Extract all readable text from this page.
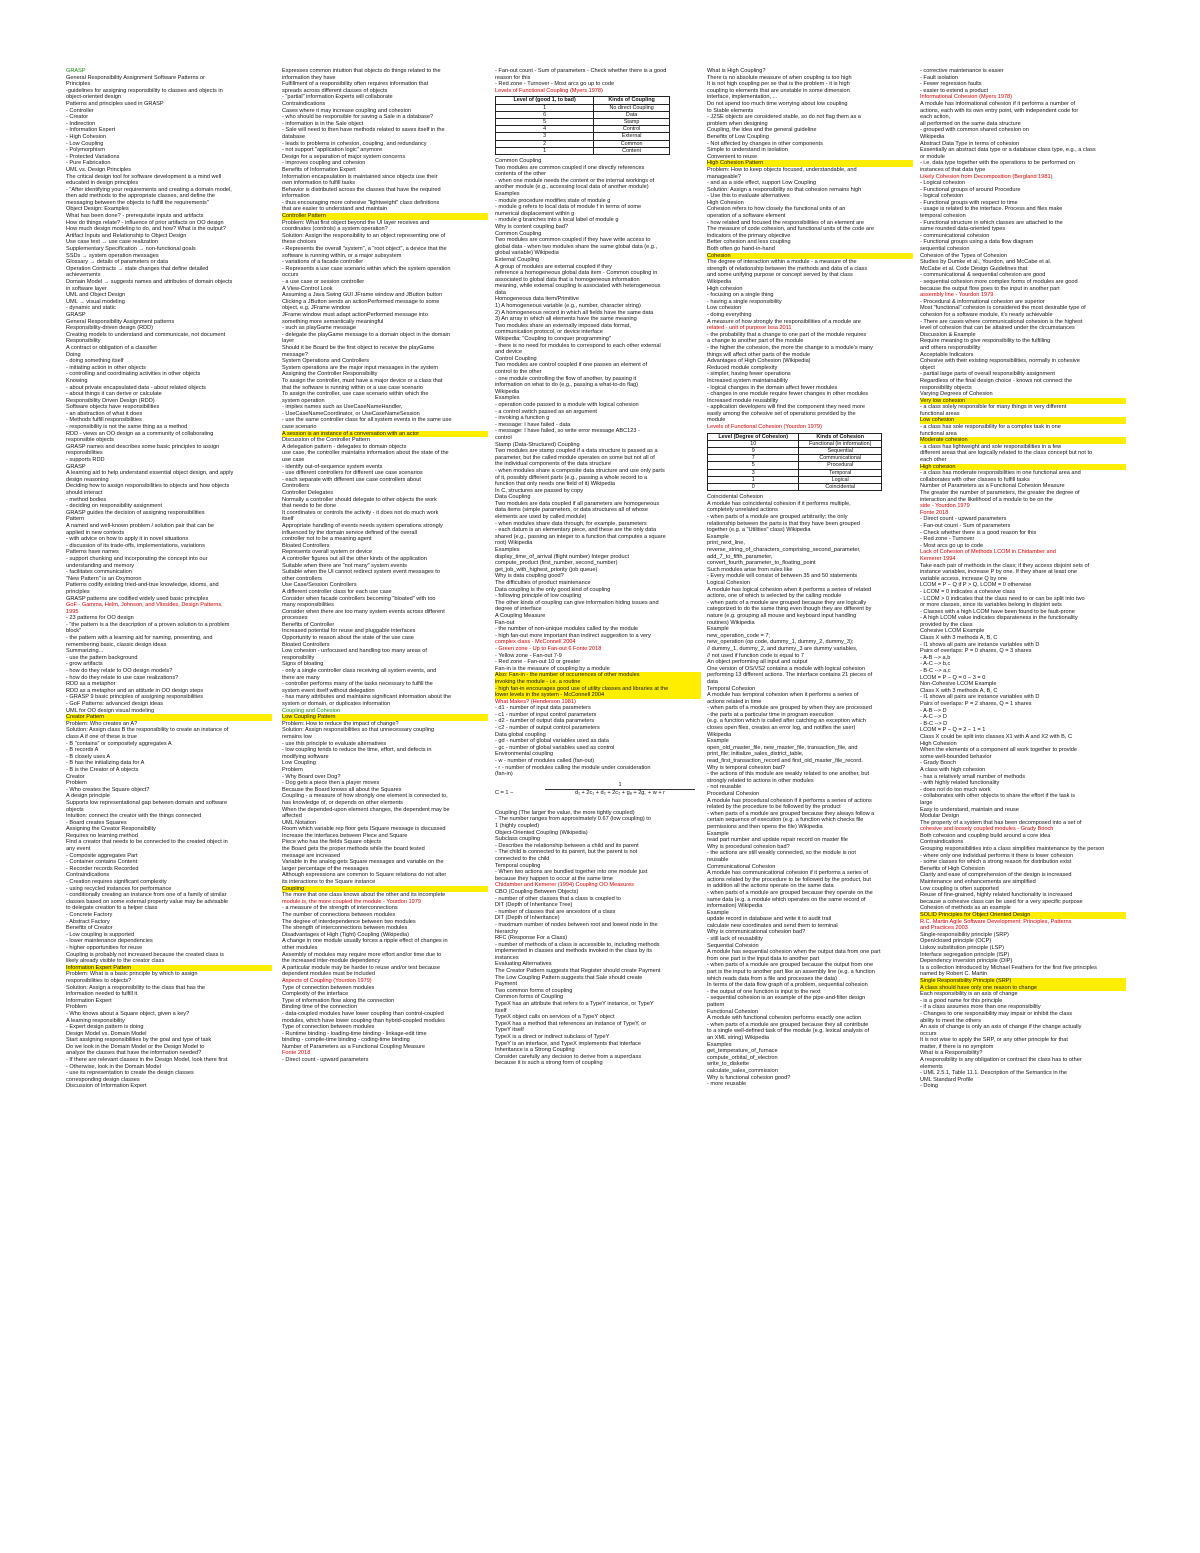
GRASP
General Responsibility Assignment Software Patterns or
Principles
-guidelines for assigning responsibility to classes and objects in
object-oriented design
Patterns and principles used in GRASP
- Controller
- Creator
- Indirection
- Information Expert
- High Cohesion
- Low Coupling
- Polymorphism
- Protected Variations
- Pure Fabrication
UML vs. Design Principles
The critical design tool for software development is a mind well
educated in design principles
- "After identifying your requirements and creating a domain model,
then add methods to the appropriate classes, and define the
messaging between the objects to fulfill the requirements"
Object Design: Examples
What has been done? - prerequisite inputs and artifacts
How do things relate? - influence of prior artifacts on OO design
How much design modeling to do, and how? What is the output?
Artifact Inputs and Relationship to Object Design
Use case text → use case realization
Supplementary Specification → non-functional goals
SSDs → system operation messages
Glossary → details of parameters or data
Operation Contracts → state changes that define detailed
achievements
Domain Model → suggests names and attributes of domain objects
in software layer
UML and Object Design
UML → visual modeling
- dynamic and static
GRASP
General Responsibility Assignment patterns
Responsibility-driven design (RDD)
Creating models to understand and communicate, not document
Responsibility
A contract or obligation of a classifier
Doing
- doing something itself
- initiating action in other objects
- controlling and coordinating activities in other objects
Knowing
- about private encapsulated data - about related objects
- about things it can derive or calculate
Responsibility Driven Design (RDD)
Software objects have responsibilities
- an abstraction of what it does
- Methods fulfill responsibilities
- responsibility is not the same thing as a method
RDD - views an OO design as a community of collaborating
responsible objects
GRASP names and describes some basic principles to assign
responsibilities
- supports RDD
GRASP
A learning aid to help understand essential object design, and apply
design reasoning
Deciding how to assign responsibilities to objects and how objects
should interact
- method bodies
- deciding on responsibility assignment
GRASP guides the decision of assigning responsibilities
Pattern
A named and well-known problem / solution pair that can be
applied in new contexts
- with advice on how to apply it in novel situations
- discussion of its trade-offs, implementations, variations
Patterns have names
- support chunking and incorporating the concept into our
understanding and memory
- facilitates communication
"New Pattern" is an Oxymoron
Patterns codify existing tried-and-true knowledge, idioms, and
principles
GRASP patterns are codified widely used basic principles
GoF - Gamma, Helm, Johnson, and Vlissides, Design Patterns,
1995
- 23 patterns for OO design
- "the pattern is a the description of a proven solution to a problem
block"
- the pattern with a learning aid for naming, presenting, and
remembering basic, classic design ideas
Summarizing...
- use the pattern background
- grow artifacts
- how do they relate to OO design models?
- how do they relate to use case realizations?
RDD as a metaphor
RDD as a metaphor and an attitude in OO design steps
- GRASP 9 basic principles of assigning responsibilities
- GoF Patterns: advanced design ideas
UML for OO design visual modeling
Creator Pattern
Problem: Who creates an A?
Solution: Assign class B the responsibility to create an instance of
class A if one of these is true
- B "contains" or compositely aggregates A
- B records A
- B closely uses A
- B has the initializing data for A
- B is the Creator of A objects
Creator
Problem
- Who creates the Square object?
A design principle
Supports low representational gap between domain and software
objects
Intuition: connect the creator with the things connected
- Board creates Squares
Assigning the Creator Responsibility
Requires no learning method
Find a creator that needs to be connected to the created object in
any event
- Composite aggregates Part
- Container contains Content
- Recorder records Recorded
Contraindications
- Creation requires significant complexity
- using recycled instances for performance
- conditionally creating an instance from one of a family of similar
classes based on some external property value may be advisable
to delegate creation to a helper class
- Concrete Factory
- Abstract Factory
Benefits of Creator
- Low coupling is supported
- lower maintenance dependencies
- higher opportunities for reuse
Coupling is probably not increased because the created class is
likely already visible to the creator class
Information Expert Pattern
Problem: What is a basic principle by which to assign
responsibilities to objects?
Solution: Assign a responsibility to the class that has the
information needed to fulfill it
Information Expert
Problem
- Who knows about a Square object, given a key?
A learning responsibility
- Expert design pattern is doing
Design Model vs. Domain Model
Start assigning responsibilities by the goal and type of task
Do we look in the Domain Model or the Design Model to
analyze the classes that have the information needed?
- If there are relevant classes in the Design Model, look there first
- Otherwise, look in the Domain Model
- use its representation to create the design classes
corresponding design classes
Discussion of Information Expert
Expresses common intuition that objects do things related to the
information they have
Fulfillment of a responsibility often requires information that
spreads across different classes of objects
- "partial" information Experts will collaborate
Contraindications
Cases where it may increase coupling and cohesion
- who should be responsible for saving a Sale in a database?
- information is in the Sale object
- Sale will need to then have methods related to saves itself in the
database
- leads to problems in cohesion, coupling, and redundancy
- not support "application logic" anymore
Design for a separation of major system concerns
- improves coupling and cohesion
Benefits of Information Expert
Information encapsulation is maintained since objects use their
own information to fulfill tasks
Behavior is distributed across the classes that have the required
information
- thus encouraging more cohesive "lightweight" class definitions
that are easier to understand and maintain
Controller Pattern
Problem: What first object beyond the UI layer receives and
coordinates (controls) a system operation?
Solution: Assign the responsibility to an object representing one of
these choices
- Represents the overall "system", a "root object", a device that the
software is running within, or a major subsystem
- variations of a facade controller
- Represents a use case scenario within which the system operation
occurs
- a use case or session controller
A View-Control Look
Assuming a Java Swing GUI JFrame window and JButton button
Clicking a JButton sends an actionPerformed message to some
object, e.g. JFrame window
JFrame window must adapt actionPerformed message into
something more semantically meaningful
- such as playGame message
- delegate the playGame message to a domain object in the domain
layer
Should it be Board be the first object to receive the playGame
message?
System Operations and Controllers
System operations are the major input messages in the system
Assigning the Controller Responsibility
To assign the controller, must have a major device or a class that
that the software is running within or a use case scenario
To assign the controller, use case scenario within which the
system operation
- implies names such as UseCaseNameHandler,
- UseCaseNameCoordinator, or UseCaseNameSession
- use the same controller class for all system events in the same use
case scenario
A session is an instance of a conversation with an actor
Discussion of the Controller Pattern
A delegation pattern - delegates to domain objects
use case, the controller maintains information about the state of the
use case
- identify out-of-sequence system events
- use different controllers for different use case scenarios
- each separate with different use case controllers about
Controllers
Controller Delegates
Normally a controller should delegate to other objects the work
that needs to be done
It coordinates or controls the activity - it does not do much work
itself
Appropriate handling of events needs system operations strongly
influenced by the domain service defined of the overall
controller not to be a meaning agent
Bloated Controllers
Represents overall system or device
A controller figures out all the other kinds of the application
Suitable when there are "not many" system events
Suitable when the UI cannot redirect system event messages to
other controllers
Use Case/Session Controllers
A different controller class for each use case
Consider when facade controllers becoming "bloated" with too
many responsibilities
Consider when there are too many system events across different
processes
Benefits of Controller
Increased potential for reuse and pluggable interfaces
Opportunity to reason about the state of the use case
Bloated Controllers
Low cohesion - unfocused and handling too many areas of
responsibility
Signs of bloating
- only a single controller class receiving all system events, and
there are many
- controller performs many of the tasks necessary to fulfill the
system event itself without delegation
- has many attributes and maintains significant information about the
system or domain, or duplicates information
Coupling and Cohesion
Low Coupling Pattern
Problem: How to reduce the impact of change?
Solution: Assign responsibilities so that unnecessary coupling
remains low
- use this principle to evaluate alternatives
- low coupling tends to reduce the time, effort, and defects in
modifying software
Low Coupling
Problem
- Why Board over Dog?
- Dog gets a piece then a player moves
Because the Board knows all about the Squares
Coupling - a measure of how strongly one element is connected to,
has knowledge of, or depends on other elements
When the depended-upon element changes, the dependent may be
affected
UML Notation
Room which variable rep floor gets ISquare message is discussed
Increase the interfaces between Piece and Square
Piece who has the fields Square objects
the Board gets the proper methods while the board tested
message are increased
Variable in the analog gets Square messages and variable on the
larger percentage of the messages
Although expressions are common to Square relations do not alter
its interactions to the Square instance
Coupling
The more that one class knows about the other and its incomplete
module is, the more coupled the module - Yourdon 1979
- a measure of the strength of interconnections
The number of connections between modules
The degree of interdependence between two modules
The strength of interconnections between modules
Disadvantages of High (Tight) Coupling (Wikipedia)
A change in one module usually forces a ripple effect of changes in
other modules
Assembly of modules may require more effort and/or time due to
the increased inter-module dependency
A particular module may be harder to reuse and/or test because
dependent modules must be included
Aspects of Coupling (Yourdon 1979)
Type of connection between modules
Complexity of the interface
Type of information flow along the connection
Binding time of the connection
- data-coupled modules have lower coupling than control-coupled
modules, which have lower coupling than hybrid-coupled modules
Type of connection between modules
- Runtime binding - loading-time binding - linkage-edit time
binding - compile-time binding - coding-time binding
Number of Parameters as a Functional Coupling Measure
Fonte 2018
- Direct count - upward parameters
- Fan-out count - Sum of parameters - Check whether there is a good
reason for this
- Red zone - Turnover - Most arcs go up to code
Levels of Functional Coupling (Myers 1978)
Level of (good 1, to bad)	Kinds of Coupling
1	No direct Coupling
6	Data
5	Stamp
4	Control
3	External
2	Common
1	Content
Common Coupling
Two modules are common coupled if one directly references
contents of the other
- when one module needs the content or the internal workings of
another module (e.g., accessing local data of another module)
Examples
- module procedure modifies state of module g
- module g refers to local data of module f in terms of some
numerical displacement within g
- module g branches into a local label of module g
Why is content coupling bad?
Common Coupling
Two modules are common coupled if they have write access to
global data - when two modules share the same global data (e.g.,
global variable) Wikipedia
External Coupling
A group of modules are external coupled if they
reference a homogeneous global data item - Common coupling in
associated to global data that is homogeneous information
meaning, while external coupling is associated with heterogeneous
data
Homogeneous data item/Primitive
1) A homogeneous variable (e.g., number, character string)
2) A homogeneous record in which all fields have the same data
3) An array in which all elements have the same meaning
Two modules share an externally imposed data format,
communication protocol, or device interface
Wikipedia: "Coupling to conquer programming"
- there is no need for modules to correspond to each other external
and device
Control Coupling
Two modules are control coupled if one passes an element of
control to the other
- one module controlling the flow of another, by passing it
information on what to do (e.g., passing a what-to-do flag)
Wikipedia
Examples
- operation code passed to a module with logical cohesion
- a control switch passed as an argument
- invoking a function g
- message: I have failed - data
- message: I have failed, so write error message ABC123 -
control
Stamp (Data-Structured) Coupling
Two modules are stamp coupled if a data structure is passed as a
parameter, but the called module operates on some but not all of
the individual components of the data structure
- when modules share a composite data structure and use only parts
of it, possibly different parts (e.g., passing a whole record to a
function that only needs one field of it) Wikipedia
In C, structures are passed by copy
Data Coupling
Two modules are data coupled if all parameters are homogeneous
data items (simple parameters, or data structures all of whose
elements are used by called module)
- when modules share data through, for example, parameters
- each datum is an elementary piece, and these are the only data
shared (e.g., passing an integer to a function that computes a square
root) Wikipedia
Examples
display_time_of_arrival (flight number) Integer product
compute_product (first_number, second_number)
get_job_with_highest_priority (job queue)
Why is data coupling good?
The difficulties of product maintenance
Data coupling is the only good kind of coupling
- following principle of low coupling
The other kinds of coupling can give information hiding issues and
degree of interface
A Coupling Measure
Fan-out
- the number of non-unique modules called by the module
- high fan-out more important than indirect suggestion to a very
complex class - McConnell 2004
- Green zone - Up to Fan-out 6 Fonte 2018
- Yellow zone - Fan-out 7-9
- Red zone - Fan-out 10 or greater
Fan-in is the measure of coupling by a module
Also: Fan-in - the number of occurrences of other modules
invoking the module - i.e. a routine
- high fan-in encourages good use of utility classes and libraries at the
lower levels in the system - McConnell 2004
What Makes? (Henderson 1981)
- d1 - number of input data parameters
- c1 - number of input control parameters
- d2 - number of output data parameters
- c2 - number of output control parameters
Data global coupling
- gd - number of global variables used as data
- gc - number of global variables used as control
Environmental coupling
- w - number of modules called (fan-out)
- r - number of modules calling the module under consideration
(fan-in)
C = 1 −	$\frac{1}{\text{d₁ + 2c₁ + d₂ + 2c₂ + gₐ + 2g꜀ + w + r}}$
Coupling (The larger the value, the more tightly coupled)
- The number ranges from approximately 0.67 (low coupling) to
1 (highly coupled)
Object-Oriented Coupling (Wikipedia)
Subclass coupling
- Describes the relationship between a child and its parent
- The child is connected to its parent, but the parent is not
connected to the child
Temporal coupling
- When two actions are bundled together into one module just
because they happen to occur at the same time
Chidamber and Kemerer (1994) Coupling OO Measures
CBO (Coupling Between Objects)
- number of other classes that a class is coupled to
DIT (Depth of Inheritance Tree)
- number of classes that are ancestors of a class
DIT (Depth of Inheritance)
- maximum number of nodes between root and lowest node in the
hierarchy
RFC (Response For a Class)
- number of methods of a class is accessible to, including methods
implemented in classes and methods invoked in the class by its
instances
Evaluating Alternatives
The Creator Pattern suggests that Register should create Payment
The Low Coupling Pattern suggests that Sale should create
Payment
Two common forms of coupling
Common forms of Coupling
TypeX has an attribute that refers to a TypeY instance, or TypeY
itself
TypeX object calls on services of a TypeY object
TypeX has a method that references an instance of TypeY, or
TypeY itself
TypeX is a direct or indirect subclass of TypeY
TypeY is an interface, and TypeX implements that interface
Inheritance is a Strong Coupling
Consider carefully any decision to derive from a superclass
because it is such a strong form of coupling
What is High Coupling?
There is no absolute measure of when coupling is too high
It is not high coupling per se that is the problem - it is high
coupling to elements that are unstable in some dimension
interface, implementation, ...
Do not spend too much time worrying about low coupling
to Stable elements
- J2SE objects are considered stable, so do not flag them as a
problem when designing
Coupling, the idea and the general guideline
Benefits of Low Coupling
- Not affected by changes in other components
Simple to understand in isolation
Convenient to reuse
High Cohesion Pattern
Problem: How to keep objects focused, understandable, and
manageable?
- and as a side effect, support Low Coupling
Solution: Assign a responsibility so that cohesion remains high
- Use this to evaluate alternatives
High Cohesion
Cohesion refers to how closely the functional units of an
operation of a software element
- how related and focused the responsibilities of an element are
The measure of code cohesion, and functional units of the code are
indicators of the primary objective
Better cohesion and less coupling
Both often go hand-in-hand
Cohesion
The degree of interaction within a module - a measure of the
strength of relationship between the methods and data of a class
and some unifying purpose or concept served by that class
Wikipedia
High cohesion
- focusing on a single thing
- having a single responsibility
Low cohesion
- doing everything
A measure of how strongly the responsibilities of a module are
related - unit of purpose Issa 2011
- the probability that a change to one part of the module requires
a change to another part of the module
- the higher the cohesion, the more the change to a module's many
things will affect other parts of the module
Advantages of High Cohesion (Wikipedia)
Reduced module complexity
- simpler, having fewer operations
Increased system maintainability
- logical changes in the domain affect fewer modules
- changes in one module require fewer changes in other modules
Increased module reusability
- application developers will find the component they need more
easily among the cohesive set of operations provided by the
module
Levels of Functional Cohesion (Yourdon 1979)
Level (Degree of Cohesion)	Kinds of Cohesion
10	Functional (in information)
9	Sequential
7	Communicational
5	Procedural
3	Temporal
1	Logical
0	Coincidental
Coincidental Cohesion
A module has coincidental cohesion if it performs multiple,
completely unrelated actions
- when parts of a module are grouped arbitrarily; the only
relationship between the parts is that they have been grouped
together (e.g. a "Utilities" class) Wikipedia
Example
print_next_line,
reverse_string_of_characters_comprising_second_parameter,
add_7_to_fifth_parameter,
convert_fourth_parameter_to_floating_point
Such modules arise from rules like
- Every module will consist of between 35 and 50 statements
Logical Cohesion
A module has logical cohesion when it performs a series of related
actions, one of which is selected by the calling module
- when parts of a module are grouped because they are logically
categorized to do the same thing even though they are different by
nature (e.g. grouping all mouse and keyboard input handling
routines) Wikipedia
Example
new_operation_code = 7;
new_operation (op code, dummy_1, dummy_2, dummy_3);
// dummy_1, dummy_2, and dummy_3 are dummy variables,
// not used if function code is equal to 7
An object performing all input and output
One version of OS/VS2 contains a module with logical cohesion
performing 13 different actions. The interface contains 21 pieces of
data
Temporal Cohesion
A module has temporal cohesion when it performs a series of
actions related in time
- when parts of a module are grouped by when they are processed
- the parts at a particular time in program execution
(e.g. a function which is called after catching an exception which
closes open files, creates an error log, and notifies the user)
Wikipedia
Example
open_old_master_file, new_master_file, transaction_file, and
print_file; initialize_sales_district_table,
read_first_transaction_record and first_old_master_file_record.
Why is temporal cohesion bad?
- the actions of this module are weakly related to one another, but
strongly related to actions in other modules
- not reusable
Procedural Cohesion
A module has procedural cohesion if it performs a series of actions
related by the procedure to be followed by the product
- when parts of a module are grouped because they always follow a
certain sequence of execution (e.g. a function which checks file
permissions and then opens the file) Wikipedia
Example
read part number and update repair record on master file
Why is procedural cohesion bad?
- the actions are still weakly connected, so the module is not
reusable
Communicational Cohesion
A module has communicational cohesion if it performs a series of
actions related by the procedure to be followed by the product, but
in addition all the actions operate on the same data
- when parts of a module are grouped because they operate on the
same data (e.g. a module which operates on the same record of
information) Wikipedia
Example
update record in database and write it to audit trail
calculate new coordinates and send them to terminal
Why is communicational cohesion bad?
- still lack of reusability
Sequential Cohesion
A module has sequential cohesion when the output data from one part
from one part is the input data to another part
- when parts of a module are grouped because the output from one
part is the input to another part like an assembly line (e.g. a function
which reads data from a file and processes the data)
In terms of the data flow graph of a problem, sequential cohesion
- the output of one function is input to the next
- sequential cohesion is an example of the pipe-and-filter design
pattern
Functional Cohesion
A module with functional cohesion performs exactly one action
- when parts of a module are grouped because they all contribute
to a single well-defined task of the module (e.g. lexical analysis of
an XML string) Wikipedia
Examples
get_temperature_of_furnace
compute_orbital_of_electron
write_to_diskette
calculate_sales_commission
Why is functional cohesion good?
- more reusable
- corrective maintenance is easier
- Fault isolation
- Fewer regression faults
- easier to extend a product
Informational Cohesion (Myers 1978)
A module has informational cohesion if it performs a number of
actions, each with its own entry point, with independent code for
each action,
all performed on the same data structure
- grouped with common shared cohesion on
Wikipedia
Abstract Data Type in terms of cohesion
Essentially an abstract data type or a database class type, e.g., a class
or module
- i.e. data type together with the operations to be performed on
instances of that data type
Likely Cohesion from Decomposition (Bergland 1981)
- Logical cohesion
- Functional groups of around Procedure
- logical cohesion
- Functional groups with respect to time
- usage is related to the interface. Process and files make
temporal cohesion
- Functional structure in which classes are attached to the
same rounded data-oriented types
- communicational cohesion
- Functional groups using a data flow diagram
sequential cohesion
Cohesion of the Types of Cohesion
Studies by Dumke et al., Yourdon, and McCabe et al.
McCabe et al. Code Design Guidelines that
- communicational & sequential cohesion are good
- sequential cohesion more complex forms of modules are good
because the output flow goes to the input in another part
assembly line - Yourdon 1979
- Procedural & informational cohesion are superior
Most "functional" cohesion is considered the most desirable type of
cohesion for a software module, it's nearly achievable
- There are cases where communicational cohesion is the highest
level of cohesion that can be attained under the circumstances
Discussion & Example
Require meaning to give responsibility to the fulfilling
and others responsibility
Acceptable Indicators
Cohesive with their existing responsibilities, normally in cohesive
object
- partial large parts of overall responsibility assignment
Regardless of the final design choice - knows not connect the
responsibility objects
Varying Degrees of Cohesion
Very low cohesion
- a class solely responsible for many things in very different
functional areas
Low cohesion
- a class has sole responsibility for a complex task in one
functional area
Moderate cohesion
- a class has lightweight and sole responsibilities in a few
different areas that are logically related to the class concept but not to
each other
High cohesion
- a class has moderate responsibilities in one functional area and
collaborates with other classes to fulfill tasks
Number of Parameters as a Functional Cohesion Measure
The greater the number of parameters, the greater the degree of
interaction and the likelihood of a module to be on the
side - Yourdon 1979
Fonte 2018
- Direct count - upward parameters
- Fan-out count - Sum of parameters
- Check whether there is a good reason for this
- Red zone - Turnover
- Most arcs go up to code
Lack of Cohesion of Methods LCOM in Chidamber and
Kemerer 1994
Take each pair of methods in the class; if they access disjoint sets of
instance variables, increase P by one. If they share at least one
variable access, increase Q by one
LCOM = P − Q if P > Q, LCOM = 0 otherwise
- LCOM = 0 indicates a cohesive class
- LCOM > 0 indicates that the class need to or can be split into two
or more classes, since its variables belong in disjoint sets
- Classes with a high LCOM have been found to be fault-prone
- A high LCOM value indicates disparateness in the functionality
provided by the class
Cohesive LCOM Example
Class X with 3 methods A, B, C
- I1 shows all pairs are instance variables with D
Pairs of overlaps: P = 0 shares, Q = 3 shares
- A-B --> a,b
- A-C --> b,c
- B-C --> a,c
LCOM = P − Q = 0 − 3 = 0
Non-Cohesive LCOM Example
Class X with 3 methods A, B, C
- I1 shows all pairs are instance variables with D
Pairs of overlaps: P = 2 shares, Q = 1 shares
- A-B --> D
- A-C --> D
- B-C --> D
LCOM = P − Q = 2 − 1 = 1
Class X could be split into classes X1 with A and X2 with B, C
High Cohesion
When the elements of a component all work together to provide
some well-bounded behavior
- Grady Booch
A class with high cohesion
- has a relatively small number of methods
- with highly related functionality
- does not do too much work
- collaborates with other objects to share the effort if the task is
large
Easy to understand, maintain and reuse
Modular Design
The property of a system that has been decomposed into a set of
cohesive and loosely coupled modules - Grady Booch
Both cohesion and coupling build around a core idea
Contraindications
Grouping responsibilities into a class simplifies maintenance by the person
- where only one individual performs it there is lower cohesion
- some classes for which a strong reason for distribution exist
Benefits of High Cohesion
Clarity and ease of comprehension of the design is increased
Maintenance and enhancements are simplified
Low coupling is often supported
Reuse of fine-grained, highly related functionality is increased
because a cohesive class can be used for a very specific purpose
Cohesion of methods as an example
SOLID Principles for Object Oriented Design
R.C. Martin Agile Software Development: Principles, Patterns
and Practices 2003
Single-responsibility principle (SRP)
Open/closed principle (OCP)
Liskov substitution principle (LSP)
Interface segregation principle (ISP)
Dependency inversion principle (DIP)
Is a collection introduced by Michael Feathers for the first five principles
named by Robert C. Martin
Single Responsibility Principle (SRP)
A class should have only one reason to change
Each responsibility is an axis of change
- is a good name for this principle
- if a class assumes more than one responsibility
- Changes to one responsibility may impair or inhibit the class
ability to meet the others
An axis of change is only an axis of change if the change actually
occurs
It is not wise to apply the SRP, or any other principle for that
matter, if there is no symptom
What is a Responsibility?
A responsibility is any obligation or contract the class has to other
elements
- UML 2.5.1, Table 11.1. Description of the Semantics in the
UML Standard Profile
- Doing
